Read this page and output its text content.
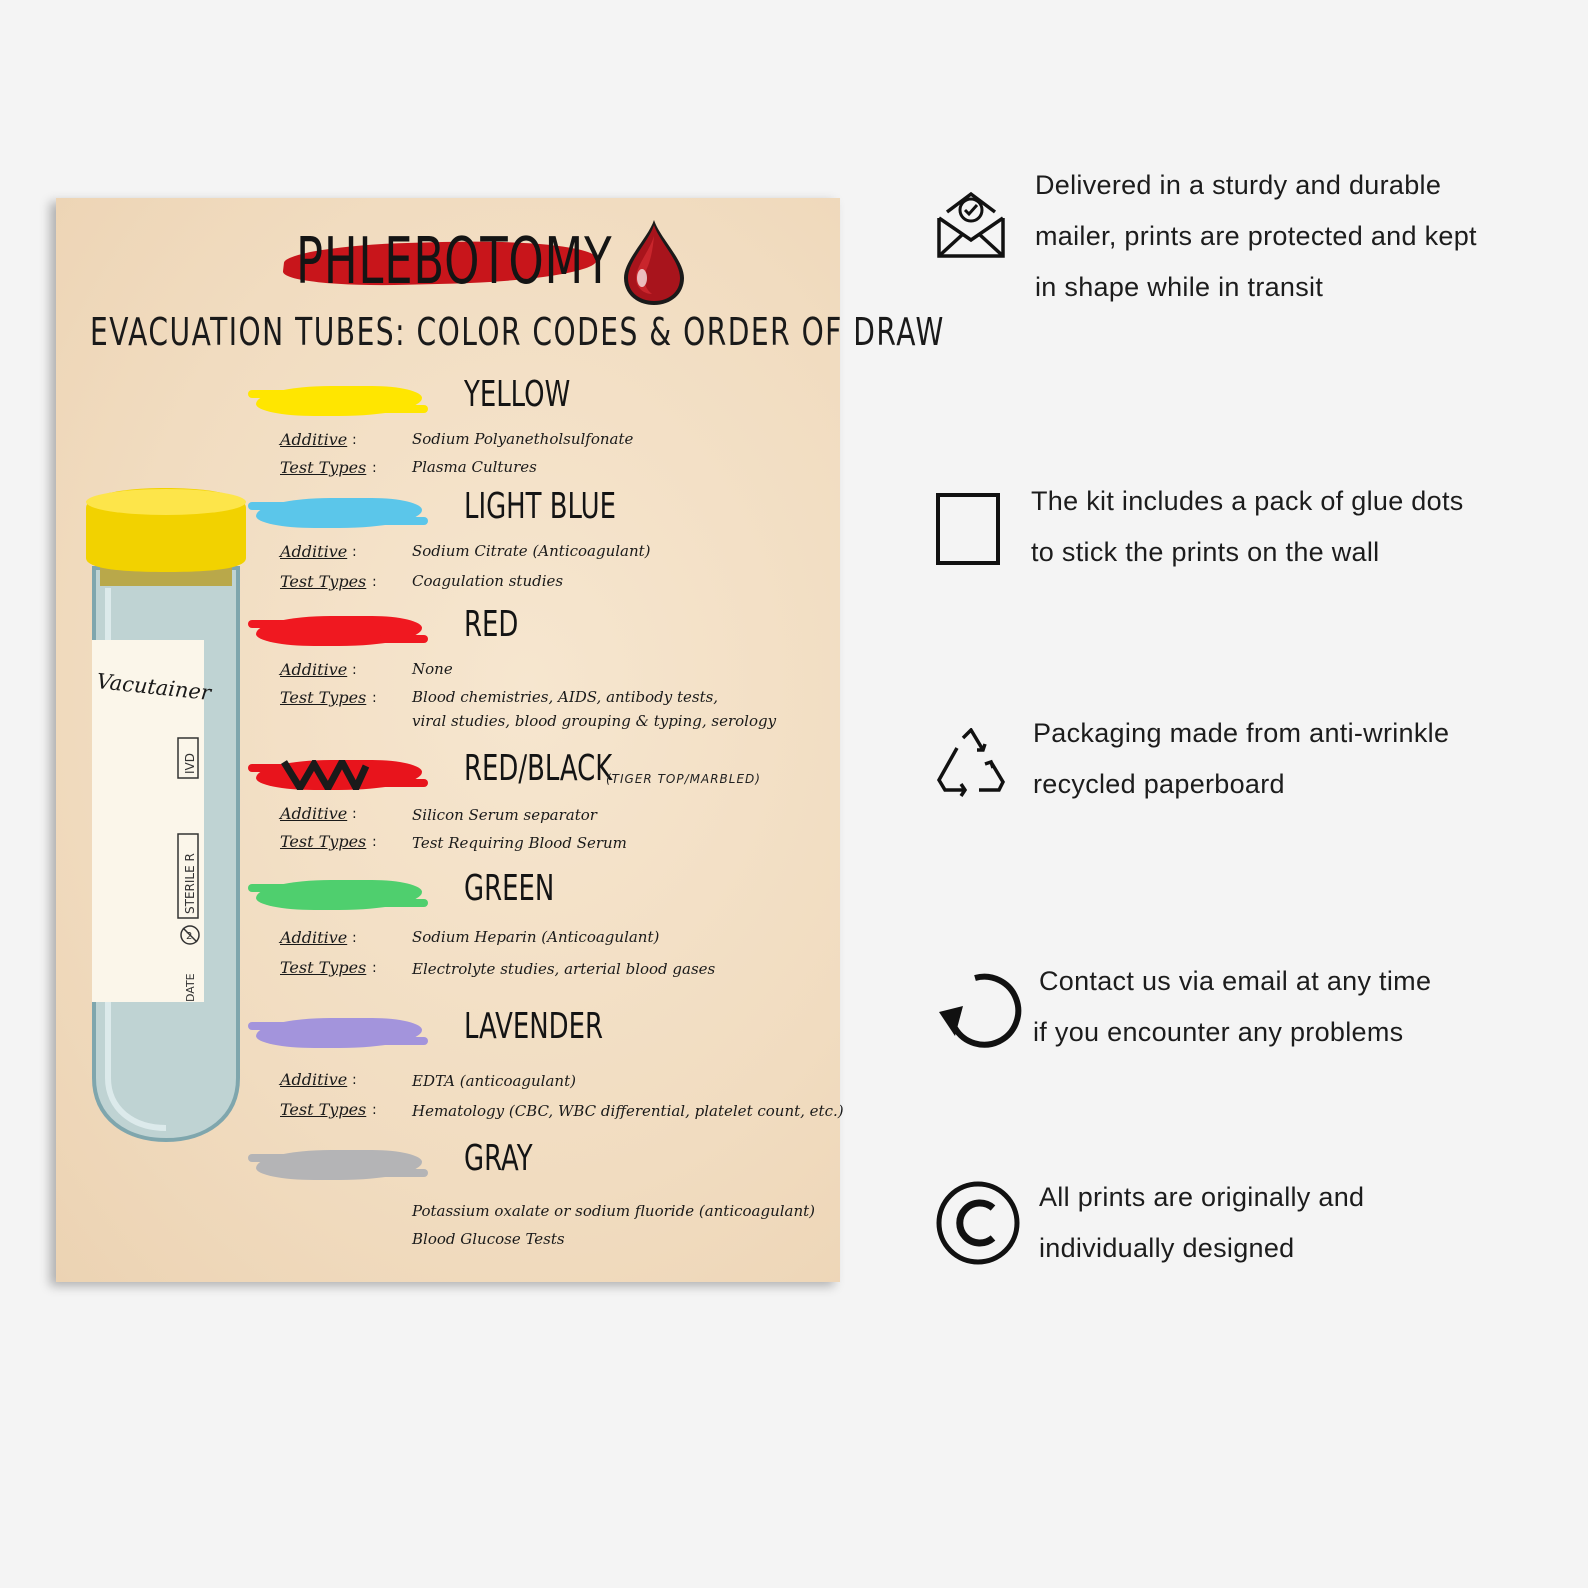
PHLEBOTOMY
EVACUATION TUBES: COLOR CODES & ORDER OF DRAW
Vacutainer
IVD
STERILE R
2
DATE
YELLOW
Additive :	Sodium Polyanetholsulfonate
Test Types : Plasma Cultures
LIGHT BLUE
Additive :	Sodium Citrate (Anticoagulant)
Test Types : Coagulation studies
RED
Additive :	None
Test Types : Blood chemistries, AIDS, antibody tests,
viral studies, blood grouping & typing, serology
RED/BLACK
(TIGER TOP/MARBLED)
Additive :	Silicon Serum separator
Test Types : Test Requiring Blood Serum
GREEN
Additive :	Sodium Heparin (Anticoagulant)
Test Types : Electrolyte studies, arterial blood gases
LAVENDER
Additive :	EDTA (anticoagulant)
Test Types : Hematology (CBC, WBC differential, platelet count, etc.)
GRAY
Potassium oxalate or sodium fluoride (anticoagulant)
Blood Glucose Tests
Delivered in a sturdy and durable
mailer, prints are protected and kept
in shape while in transit
The kit includes a pack of glue dots
to stick the prints on the wall
Packaging made from anti-wrinkle
recycled paperboard
Contact us via email at any time
if you encounter any problems
All prints are originally and
individually designed
